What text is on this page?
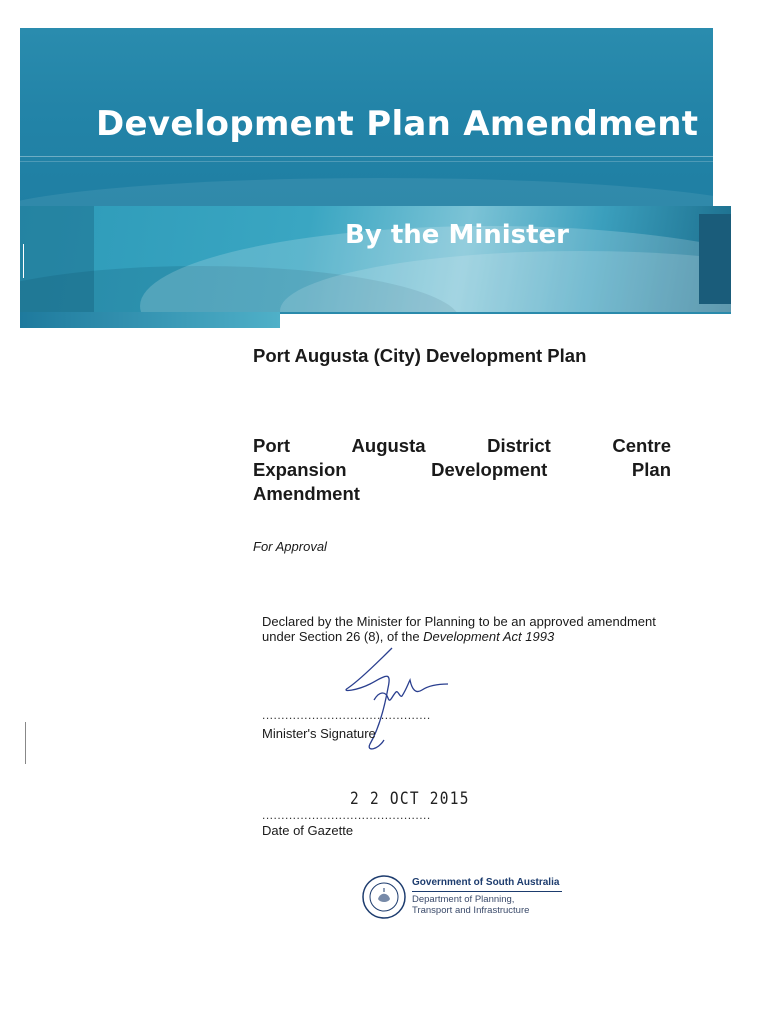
Development Plan Amendment
By the Minister
Port Augusta (City) Development Plan
Port	Augusta	District	Centre
Expansion	Development	Plan
Amendment

For Approval

Declared by the Minister for Planning to be an approved amendment under Section 26 (8), of the Development Act 1993

............................................

Minister's Signature

2 2 OCT 2015

............................................

Date of Gazette

Government of South Australia

Department of Planning,

Transport and Infrastructure
